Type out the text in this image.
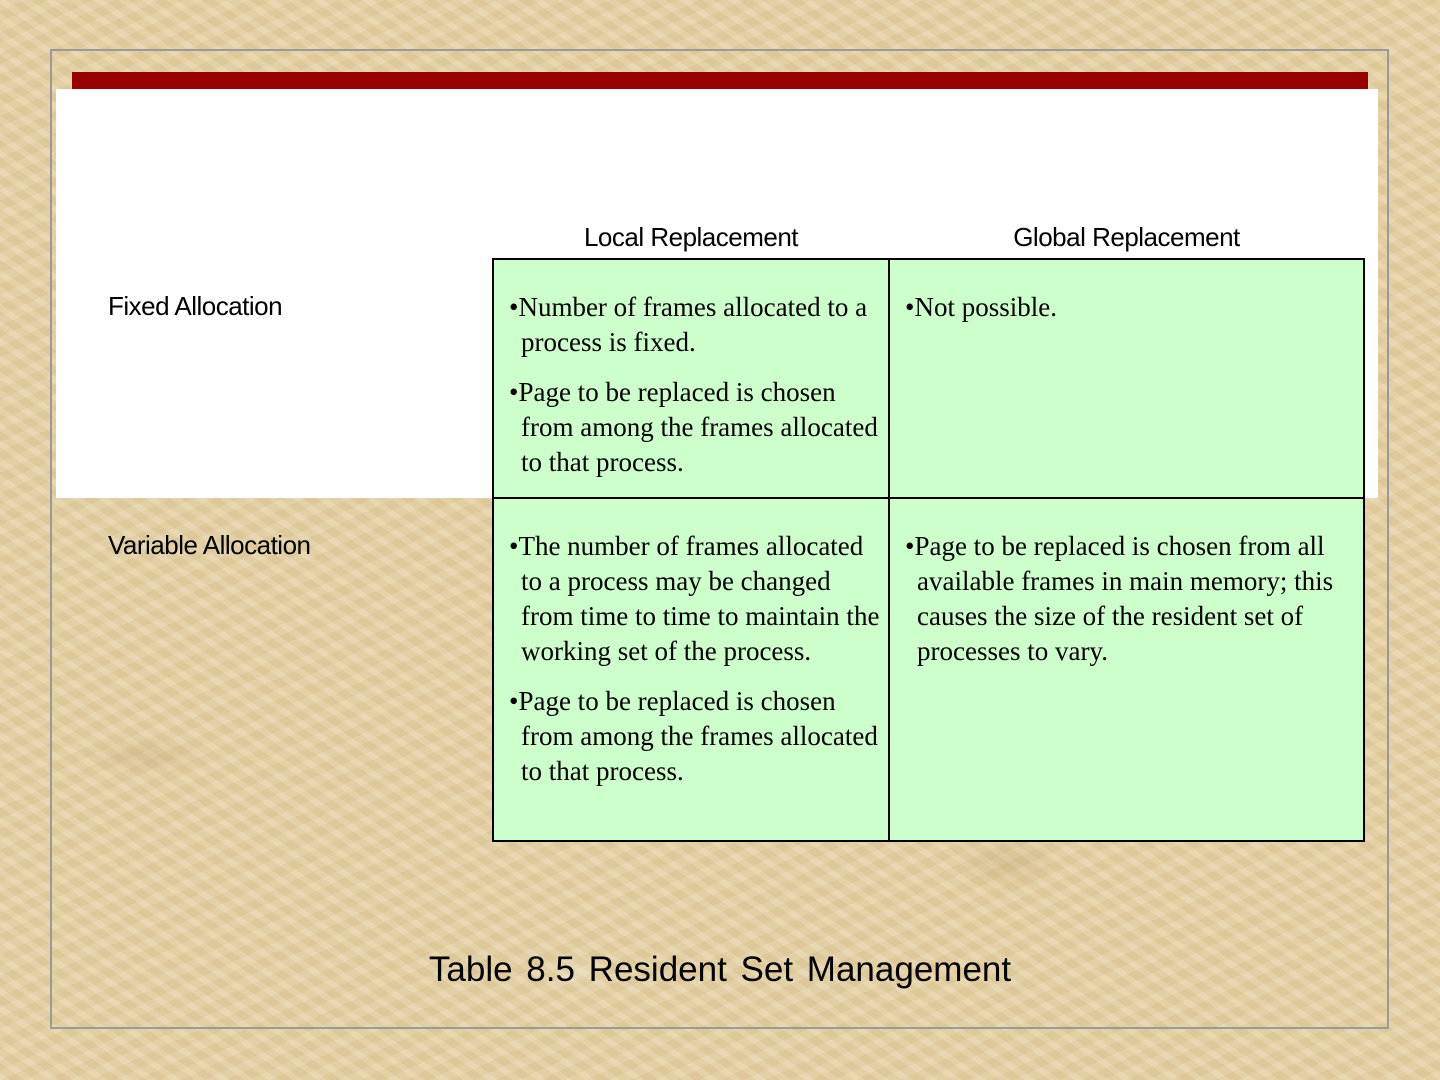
Local Replacement	Global Replacement
Fixed Allocation
Variable Allocation

•Number of frames allocated to a process is fixed.

•Page to be replaced is chosen from among the frames allocated to that process.

•Not possible.

•The number of frames allocated to a process may be changed from time to time to maintain the working set of the process.

•Page to be replaced is chosen from among the frames allocated to that process.

•Page to be replaced is chosen from all available frames in main memory; this causes the size of the resident set of processes to vary.

Table 8.5 Resident Set Management
